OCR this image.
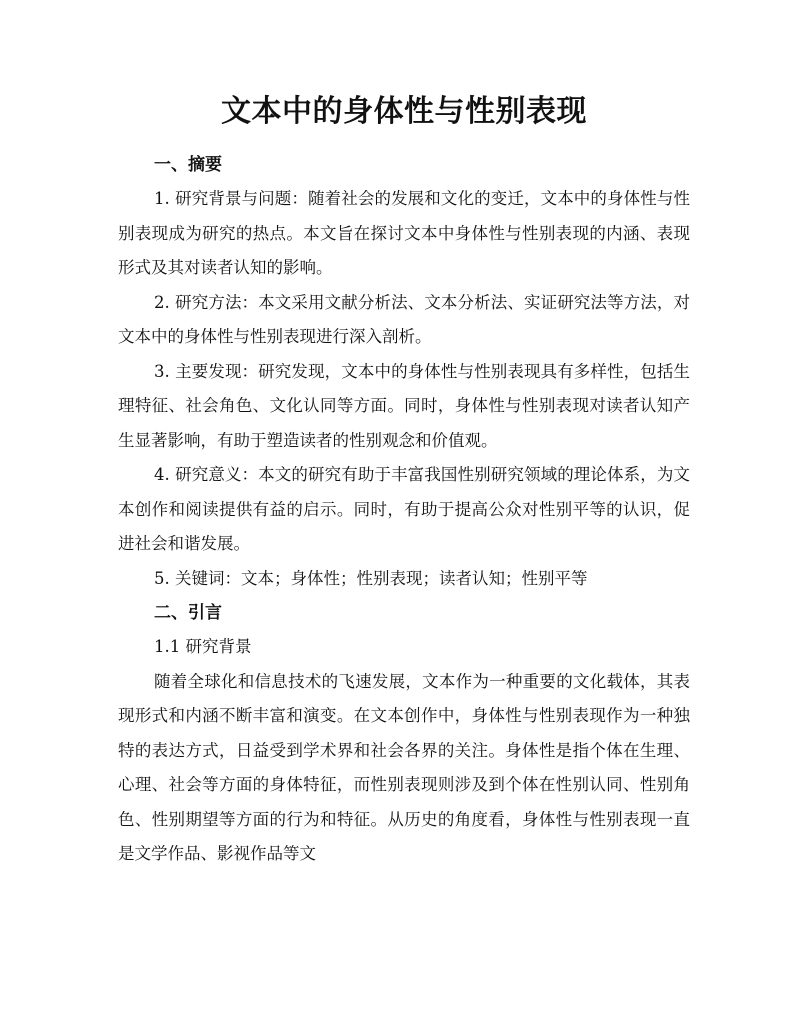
文本中的身体性与性别表现
一、摘要

1. 研究背景与问题：随着社会的发展和文化的变迁，文本中的身体性与性别表现成为研究的热点。本文旨在探讨文本中身体性与性别表现的内涵、表现形式及其对读者认知的影响。

2. 研究方法：本文采用文献分析法、文本分析法、实证研究法等方法，对文本中的身体性与性别表现进行深入剖析。

3. 主要发现：研究发现，文本中的身体性与性别表现具有多样性，包括生理特征、社会角色、文化认同等方面。同时，身体性与性别表现对读者认知产生显著影响，有助于塑造读者的性别观念和价值观。

4. 研究意义：本文的研究有助于丰富我国性别研究领域的理论体系，为文本创作和阅读提供有益的启示。同时，有助于提高公众对性别平等的认识，促进社会和谐发展。

5. 关键词：文本；身体性；性别表现；读者认知；性别平等

二、引言

1.1 研究背景

随着全球化和信息技术的飞速发展，文本作为一种重要的文化载体，其表现形式和内涵不断丰富和演变。在文本创作中，身体性与性别表现作为一种独特的表达方式，日益受到学术界和社会各界的关注。身体性是指个体在生理、心理、社会等方面的身体特征，而性别表现则涉及到个体在性别认同、性别角色、性别期望等方面的行为和特征。从历史的角度看，身体性与性别表现一直是文学作品、影视作品等文
